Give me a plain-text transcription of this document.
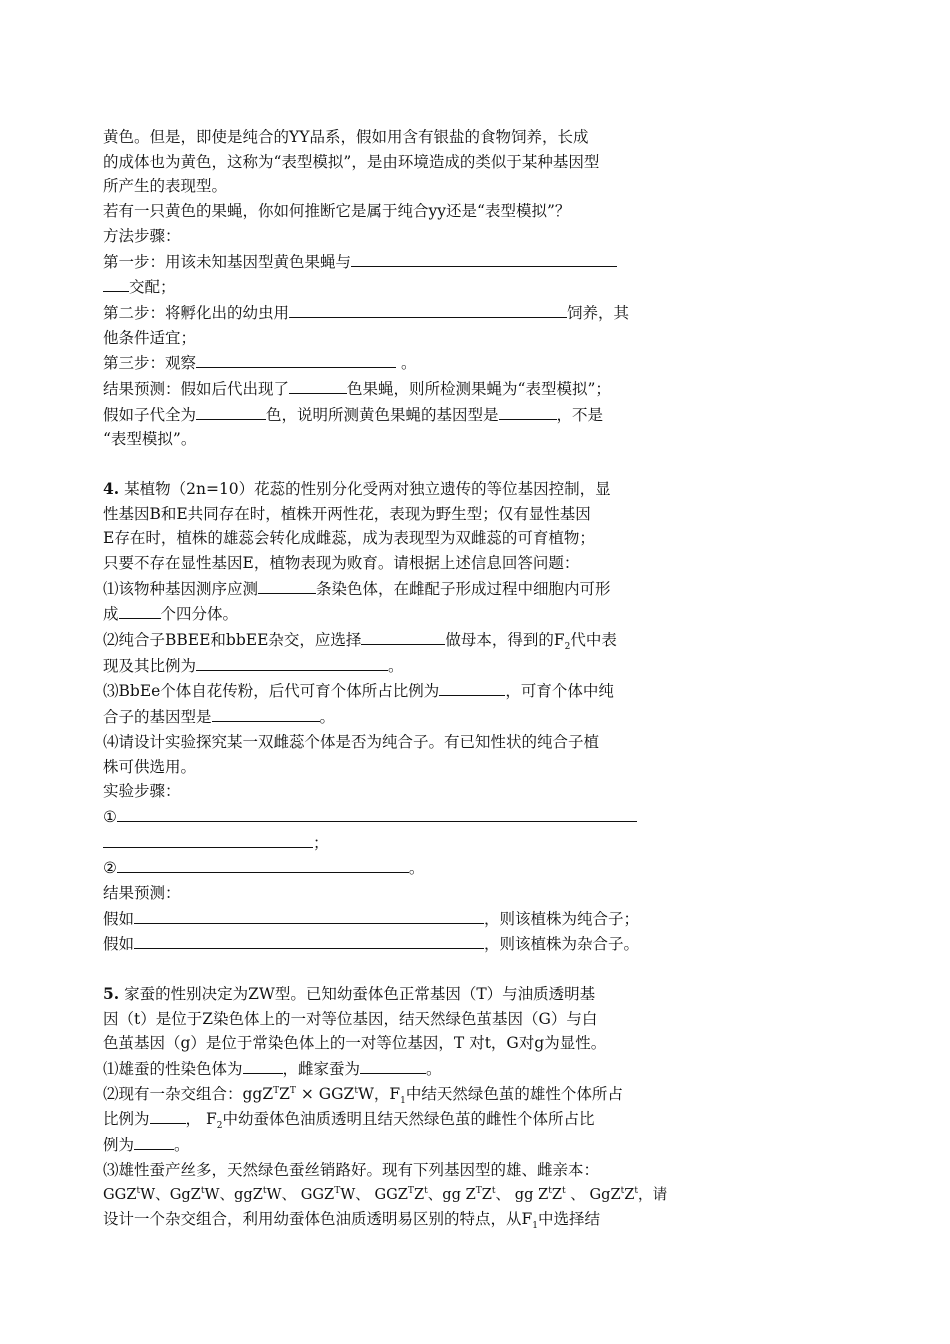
黄色。但是，即使是纯合的YY品系，假如用含有银盐的食物饲养，长成
的成体也为黄色，这称为“表型模拟”，是由环境造成的类似于某种基因型
所产生的表现型。
若有一只黄色的果蝇，你如何推断它是属于纯合yy还是“表型模拟”？
方法步骤：
第一步：用该未知基因型黄色果蝇与
交配；
第二步：将孵化出的幼虫用	饲养，其
他条件适宜；
第三步：观察	。
结果预测：假如后代出现了	色果蝇，则所检测果蝇为“表型模拟”；
假如子代全为	色，说明所测黄色果蝇的基因型是	，不是
“表型模拟”。
4. 某植物（2n=10）花蕊的性别分化受两对独立遗传的等位基因控制，显
性基因B和E共同存在时，植株开两性花，表现为野生型；仅有显性基因
E存在时，植株的雄蕊会转化成雌蕊，成为表现型为双雌蕊的可育植物；
只要不存在显性基因E，植物表现为败育。请根据上述信息回答问题：
⑴该物种基因测序应测	条染色体，在雌配子形成过程中细胞内可形
成	个四分体。
⑵纯合子BBEE和bbEE杂交，应选择	做母本，得到的$F_2$代中表
现及其比例为	。
⑶BbEe个体自花传粉，后代可育个体所占比例为	，可育个体中纯
合子的基因型是	。
⑷请设计实验探究某一双雌蕊个体是否为纯合子。有已知性状的纯合子植
株可供选用。
实验步骤：
①
；
②	。
结果预测：
假如	，则该植株为纯合子；
假如	，则该植株为杂合子。
5. 家蚕的性别决定为ZW型。已知幼蚕体色正常基因（T）与油质透明基
因（t）是位于Z染色体上的一对等位基因，结天然绿色茧基因（G）与白
色茧基因（g）是位于常染色体上的一对等位基因，T 对t，G对g为显性。
⑴雄蚕的性染色体为	，雌家蚕为	。
⑵现有一杂交组合：$ggZ^TZ^T \times GGZ^tW$，$F_1$中结天然绿色茧的雄性个体所占
比例为 ， $F_2$中幼蚕体色油质透明且结天然绿色茧的雌性个体所占比
例为	。
⑶雄性蚕产丝多，天然绿色蚕丝销路好。现有下列基因型的雄、雌亲本：
GGZ$^t$W、GgZ$^t$W、ggZ$^t$W、 $GGZ^TW$、 $GGZ^TZ^t$、gg $Z^TZ^t$、 gg $Z^tZ^t$ 、 $GgZ^tZ^t$，请
设计一个杂交组合，利用幼蚕体色油质透明易区别的特点，从$F_1$中选择结
